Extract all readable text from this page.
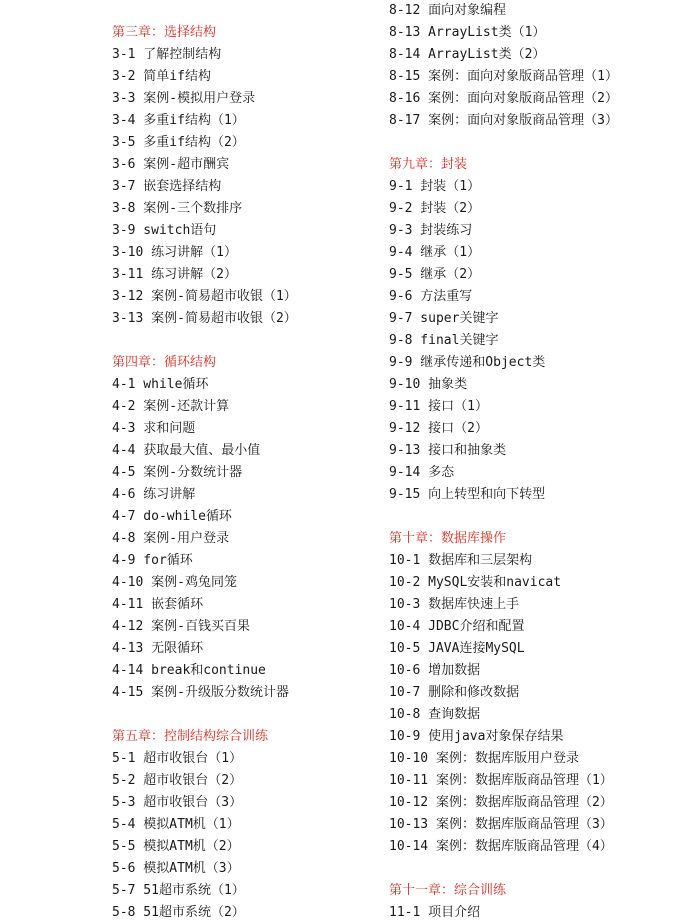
第三章：选择结构
3-1 了解控制结构
3-2 简单if结构
3-3 案例-模拟用户登录
3-4 多重if结构（1）
3-5 多重if结构（2）
3-6 案例-超市酬宾
3-7 嵌套选择结构
3-8 案例-三个数排序
3-9 switch语句
3-10 练习讲解（1）
3-11 练习讲解（2）
3-12 案例-简易超市收银（1）
3-13 案例-简易超市收银（2）
第四章：循环结构
4-1 while循环
4-2 案例-还款计算
4-3 求和问题
4-4 获取最大值、最小值
4-5 案例-分数统计器
4-6 练习讲解
4-7 do-while循环
4-8 案例-用户登录
4-9 for循环
4-10 案例-鸡兔同笼
4-11 嵌套循环
4-12 案例-百钱买百果
4-13 无限循环
4-14 break和continue
4-15 案例-升级版分数统计器
第五章：控制结构综合训练
5-1 超市收银台（1）
5-2 超市收银台（2）
5-3 超市收银台（3）
5-4 模拟ATM机（1）
5-5 模拟ATM机（2）
5-6 模拟ATM机（3）
5-7 51超市系统（1）
5-8 51超市系统（2）
8-12 面向对象编程
8-13 ArrayList类（1）
8-14 ArrayList类（2）
8-15 案例：面向对象版商品管理（1）
8-16 案例：面向对象版商品管理（2）
8-17 案例：面向对象版商品管理（3）
第九章：封装
9-1 封装（1）
9-2 封装（2）
9-3 封装练习
9-4 继承（1）
9-5 继承（2）
9-6 方法重写
9-7 super关键字
9-8 final关键字
9-9 继承传递和Object类
9-10 抽象类
9-11 接口（1）
9-12 接口（2）
9-13 接口和抽象类
9-14 多态
9-15 向上转型和向下转型
第十章：数据库操作
10-1 数据库和三层架构
10-2 MySQL安装和navicat
10-3 数据库快速上手
10-4 JDBC介绍和配置
10-5 JAVA连接MySQL
10-6 增加数据
10-7 删除和修改数据
10-8 查询数据
10-9 使用java对象保存结果
10-10 案例：数据库版用户登录
10-11 案例：数据库版商品管理（1）
10-12 案例：数据库版商品管理（2）
10-13 案例：数据库版商品管理（3）
10-14 案例：数据库版商品管理（4）
第十一章：综合训练
11-1 项目介绍
